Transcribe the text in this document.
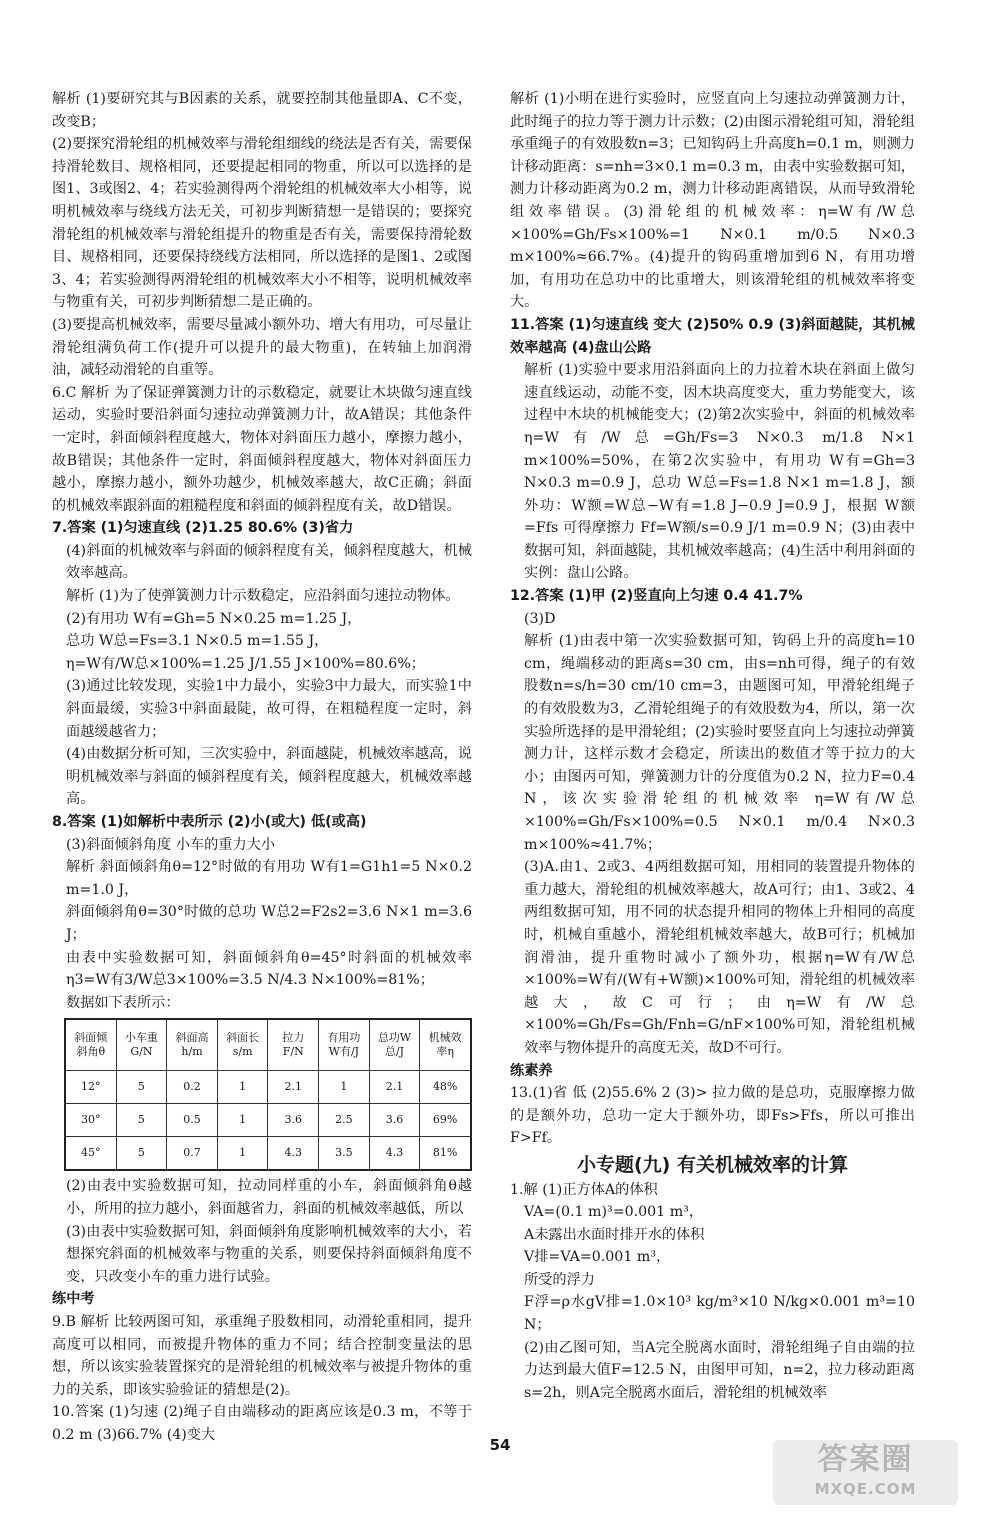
解析 (1)要研究其与B因素的关系，就要控制其他量即A、C不变，改变B；

(2)要探究滑轮组的机械效率与滑轮组细线的绕法是否有关，需要保持滑轮数目、规格相同，还要提起相同的物重，所以可以选择的是图1、3或图2、4；若实验测得两个滑轮组的机械效率大小相等，说明机械效率与绕线方法无关，可初步判断猜想一是错误的；要探究滑轮组的机械效率与滑轮组提升的物重是否有关，需要保持滑轮数目、规格相同，还要保持绕线方法相同，所以选择的是图1、2或图3、4；若实验测得两滑轮组的机械效率大小不相等，说明机械效率与物重有关，可初步判断猜想二是正确的。

(3)要提高机械效率，需要尽量减小额外功、增大有用功，可尽量让滑轮组满负荷工作(提升可以提升的最大物重)，在转轴上加润滑油，减轻动滑轮的自重等。

6.C 解析 为了保证弹簧测力计的示数稳定，就要让木块做匀速直线运动，实验时要沿斜面匀速拉动弹簧测力计，故A错误；其他条件一定时，斜面倾斜程度越大，物体对斜面压力越小，摩擦力越小，故B错误；其他条件一定时，斜面倾斜程度越大，物体对斜面压力越小，摩擦力越小，额外功越少，机械效率越大，故C正确；斜面的机械效率跟斜面的粗糙程度和斜面的倾斜程度有关，故D错误。

7.答案 (1)匀速直线 (2)1.25 80.6% (3)省力

(4)斜面的机械效率与斜面的倾斜程度有关，倾斜程度越大，机械效率越高。

解析 (1)为了使弹簧测力计示数稳定，应沿斜面匀速拉动物体。

(2)有用功 W有=Gh=5 N×0.25 m=1.25 J，

总功 W总=Fs=3.1 N×0.5 m=1.55 J，

η=W有/W总×100%=1.25 J/1.55 J×100%=80.6%；

(3)通过比较发现，实验1中力最小，实验3中力最大，而实验1中斜面最缓，实验3中斜面最陡，故可得，在粗糙程度一定时，斜面越缓越省力；

(4)由数据分析可知，三次实验中，斜面越陡，机械效率越高，说明机械效率与斜面的倾斜程度有关，倾斜程度越大，机械效率越高。

8.答案 (1)如解析中表所示 (2)小(或大) 低(或高)

(3)斜面倾斜角度 小车的重力大小

解析 斜面倾斜角θ=12°时做的有用功 W有1=G1h1=5 N×0.2 m=1.0 J，

斜面倾斜角θ=30°时做的总功 W总2=F2s2=3.6 N×1 m=3.6 J；

由表中实验数据可知，斜面倾斜角θ=45°时斜面的机械效率 η3=W有3/W总3×100%=3.5 N/4.3 N×100%=81%；

数据如下表所示：

斜面倾斜角θ	小车重G/N	斜面高h/m	斜面长s/m	拉力F/N	有用功W有/J	总功W总/J	机械效率η
12°	5	0.2	1	2.1	1	2.1	48%
30°	5	0.5	1	3.6	2.5	3.6	69%
45°	5	0.7	1	4.3	3.5	4.3	81%

(2)由表中实验数据可知，拉动同样重的小车，斜面倾斜角θ越小，所用的拉力越小，斜面越省力，斜面的机械效率越低，所以

(3)由表中实验数据可知，斜面倾斜角度影响机械效率的大小，若想探究斜面的机械效率与物重的关系，则要保持斜面倾斜角度不变，只改变小车的重力进行试验。

练中考

9.B 解析 比较两图可知，承重绳子股数相同，动滑轮重相同，提升高度可以相同，而被提升物体的重力不同；结合控制变量法的思想，所以该实验装置探究的是滑轮组的机械效率与被提升物体的重力的关系，即该实验验证的猜想是(2)。

10.答案 (1)匀速 (2)绳子自由端移动的距离应该是0.3 m，不等于0.2 m (3)66.7% (4)变大

解析 (1)小明在进行实验时，应竖直向上匀速拉动弹簧测力计，此时绳子的拉力等于测力计示数；(2)由图示滑轮组可知，滑轮组承重绳子的有效股数n=3；已知钩码上升高度h=0.1 m，则测力计移动距离：s=nh=3×0.1 m=0.3 m，由表中实验数据可知，测力计移动距离为0.2 m，测力计移动距离错误，从而导致滑轮组效率错误。(3)滑轮组的机械效率：η=W有/W总×100%=Gh/Fs×100%=1 N×0.1 m/0.5 N×0.3 m×100%≈66.7%。(4)提升的钩码重增加到6 N，有用功增加，有用功在总功中的比重增大，则该滑轮组的机械效率将变大。

11.答案 (1)匀速直线 变大 (2)50% 0.9 (3)斜面越陡，其机械效率越高 (4)盘山公路

解析 (1)实验中要求用沿斜面向上的力拉着木块在斜面上做匀速直线运动，动能不变，因木块高度变大，重力势能变大，该过程中木块的机械能变大；(2)第2次实验中，斜面的机械效率 η=W有/W总=Gh/Fs=3 N×0.3 m/1.8 N×1 m×100%=50%，在第2次实验中，有用功 W有=Gh=3 N×0.3 m=0.9 J，总功 W总=Fs=1.8 N×1 m=1.8 J，额外功：W额=W总−W有=1.8 J−0.9 J=0.9 J，根据 W额=Ffs 可得摩擦力 Ff=W额/s=0.9 J/1 m=0.9 N；(3)由表中数据可知，斜面越陡，其机械效率越高；(4)生活中利用斜面的实例：盘山公路。

12.答案 (1)甲 (2)竖直向上匀速 0.4 41.7%

(3)D

解析 (1)由表中第一次实验数据可知，钩码上升的高度h=10 cm，绳端移动的距离s=30 cm，由s=nh可得，绳子的有效股数n=s/h=30 cm/10 cm=3，由题图可知，甲滑轮组绳子的有效股数为3，乙滑轮组绳子的有效股数为4，所以，第一次实验所选择的是甲滑轮组；(2)实验时要竖直向上匀速拉动弹簧测力计，这样示数才会稳定，所读出的数值才等于拉力的大小；由图丙可知，弹簧测力计的分度值为0.2 N，拉力F=0.4 N，该次实验滑轮组的机械效率 η=W有/W总×100%=Gh/Fs×100%=0.5 N×0.1 m/0.4 N×0.3 m×100%≈41.7%；

(3)A.由1、2或3、4两组数据可知，用相同的装置提升物体的重力越大，滑轮组的机械效率越大，故A可行；由1、3或2、4两组数据可知，用不同的状态提升相同的物体上升相同的高度时，机械自重越小，滑轮组机械效率越大，故B可行；机械加润滑油，提升重物时减小了额外功，根据η=W有/W总×100%=W有/(W有+W额)×100%可知，滑轮组的机械效率越大，故C可行；由η=W有/W总×100%=Gh/Fs=Gh/Fnh=G/nF×100%可知，滑轮组机械效率与物体提升的高度无关，故D不可行。

练素养

13.(1)省 低 (2)55.6% 2 (3)> 拉力做的是总功，克服摩擦力做的是额外功，总功一定大于额外功，即Fs>Ffs，所以可推出F>Ff。

小专题(九) 有关机械效率的计算

1.解 (1)正方体A的体积

VA=(0.1 m)³=0.001 m³，

A未露出水面时排开水的体积

V排=VA=0.001 m³，

所受的浮力

F浮=ρ水gV排=1.0×10³ kg/m³×10 N/kg×0.001 m³=10 N；

(2)由乙图可知，当A完全脱离水面时，滑轮组绳子自由端的拉力达到最大值F=12.5 N，由图甲可知，n=2，拉力移动距离s=2h，则A完全脱离水面后，滑轮组的机械效率

54	答案圈
MXQE.COM
